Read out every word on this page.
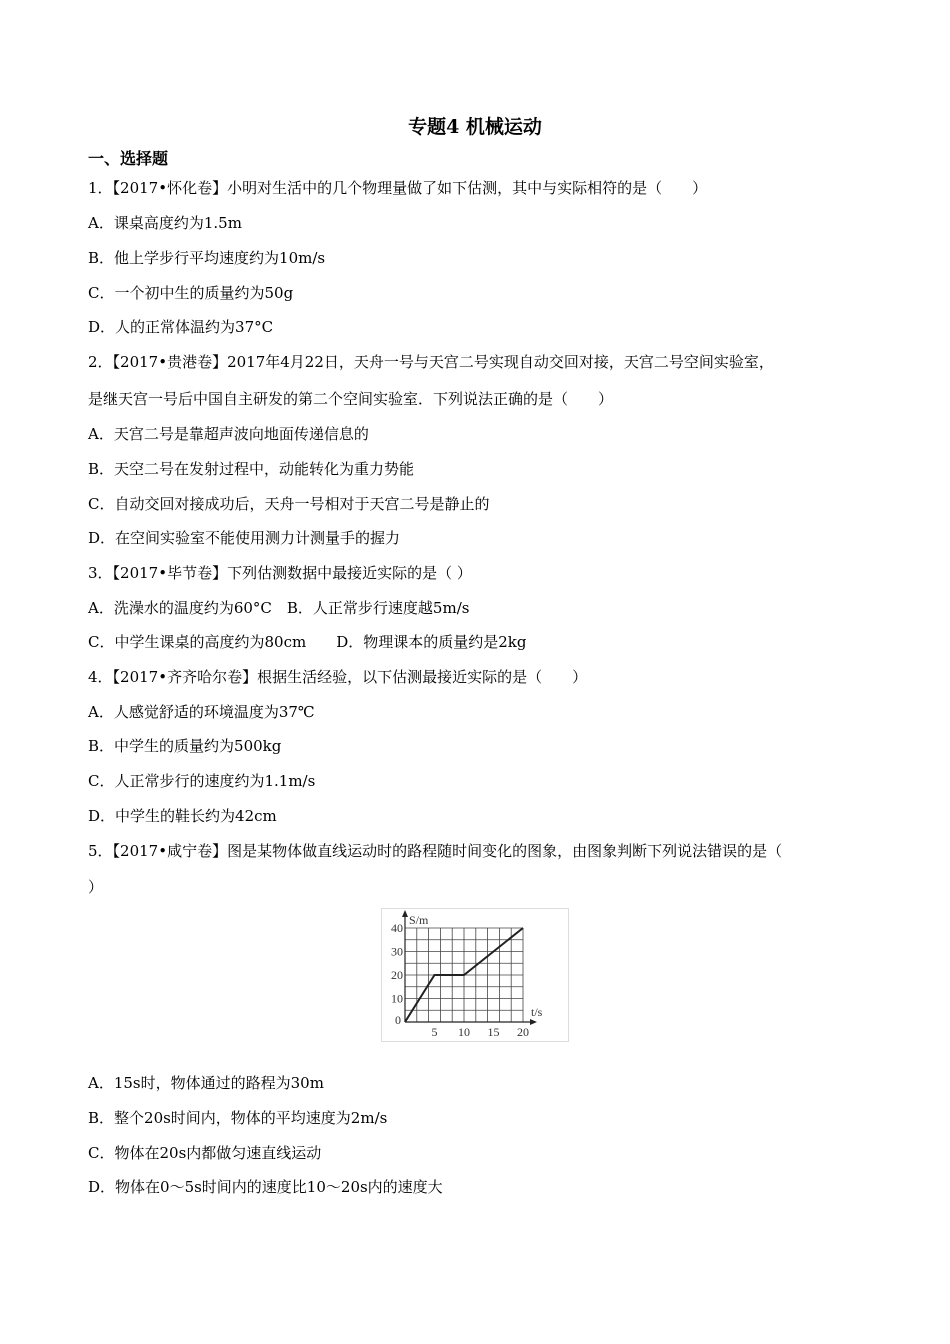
专题4 机械运动
一、选择题
1．【2017•怀化卷】小明对生活中的几个物理量做了如下估测，其中与实际相符的是（　　）
A．课桌高度约为1.5m
B．他上学步行平均速度约为10m/s
C．一个初中生的质量约为50g
D．人的正常体温约为37°C
2．【2017•贵港卷】2017年4月22日，天舟一号与天宫二号实现自动交回对接，天宫二号空间实验室，
是继天宫一号后中国自主研发的第二个空间实验室．下列说法正确的是（　　）
A．天宫二号是靠超声波向地面传递信息的
B．天空二号在发射过程中，动能转化为重力势能
C．自动交回对接成功后，天舟一号相对于天宫二号是静止的
D．在空间实验室不能使用测力计测量手的握力
3．【2017•毕节卷】下列估测数据中最接近实际的是（ ）
A．洗澡水的温度约为60°C　B．人正常步行速度越5m/s
C．中学生课桌的高度约为80cm　　D．物理课本的质量约是2kg
4．【2017•齐齐哈尔卷】根据生活经验，以下估测最接近实际的是（　　）
A．人感觉舒适的环境温度为37℃
B．中学生的质量约为500kg
C．人正常步行的速度约为1.1m/s
D．中学生的鞋长约为42cm
5．【2017•咸宁卷】图是某物体做直线运动时的路程随时间变化的图象，由图象判断下列说法错误的是（
）
S/m
t/s
0
5 10 15 20
10
20
30
40
A．15s时，物体通过的路程为30m
B．整个20s时间内，物体的平均速度为2m/s
C．物体在20s内都做匀速直线运动
D．物体在0～5s时间内的速度比10～20s内的速度大
